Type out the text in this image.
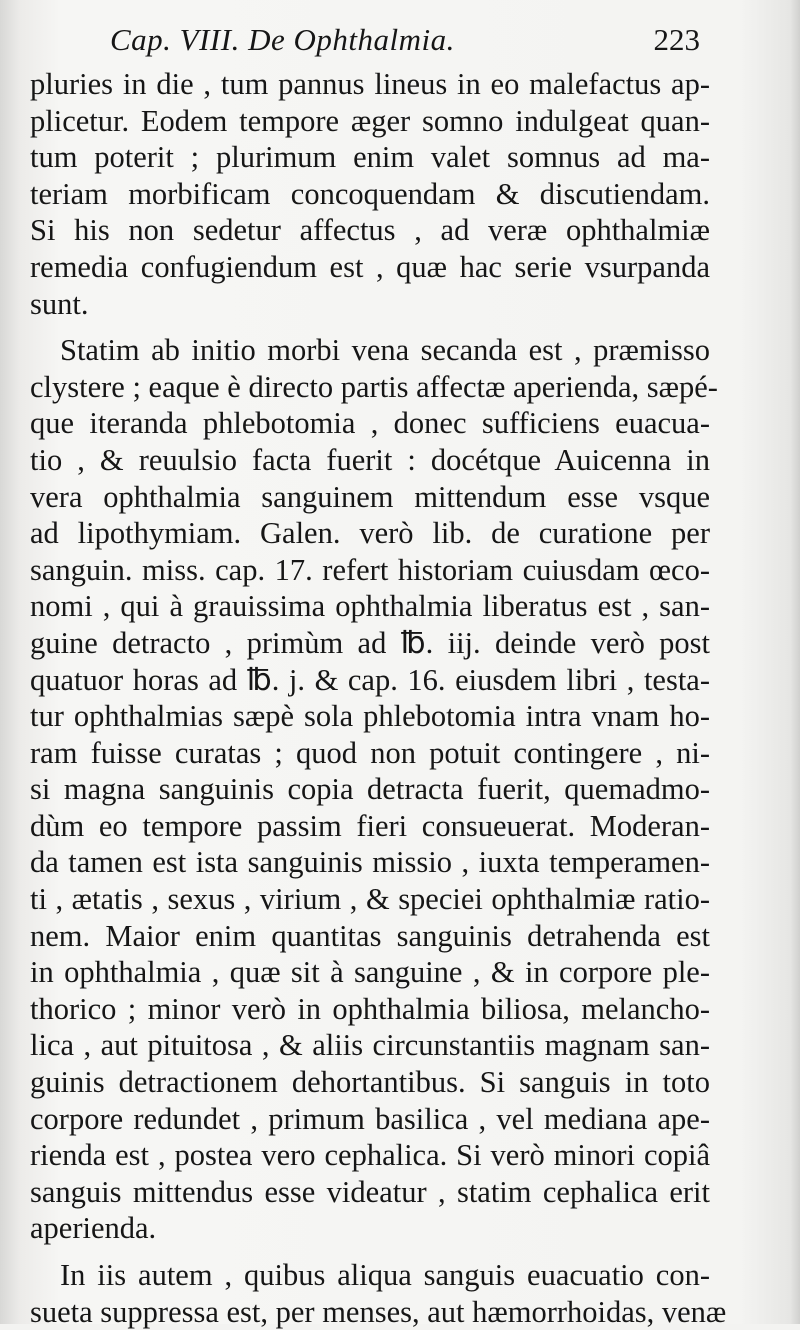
Cap. VIII. De Ophthalmia.	223
pluries in die , tum pannus lineus in eo malefactus ap-
plicetur. Eodem tempore æger somno indulgeat quan-
tum poterit ; plurimum enim valet somnus ad ma-
teriam morbificam concoquendam & discutiendam.
Si his non sedetur affectus , ad veræ ophthalmiæ
remedia confugiendum est , quæ hac serie vsurpanda
sunt.
Statim ab initio morbi vena secanda est , præmisso
clystere ; eaque è directo partis affectæ aperienda, sæpé-
que iteranda phlebotomia , donec sufficiens euacua-
tio , & reuulsio facta fuerit : docétque Auicenna in
vera ophthalmia sanguinem mittendum esse vsque
ad lipothymiam. Galen. verò lib. de curatione per
sanguin. miss. cap. 17. refert historiam cuiusdam œco-
nomi , qui à grauissima ophthalmia liberatus est , san-
guine detracto , primùm ad ℔. iij. deinde verò post
quatuor horas ad ℔. j. & cap. 16. eiusdem libri , testa-
tur ophthalmias sæpè sola phlebotomia intra vnam ho-
ram fuisse curatas ; quod non potuit contingere , ni-
si magna sanguinis copia detracta fuerit, quemadmo-
dùm eo tempore passim fieri consueuerat. Moderan-
da tamen est ista sanguinis missio , iuxta temperamen-
ti , ætatis , sexus , virium , & speciei ophthalmiæ ratio-
nem. Maior enim quantitas sanguinis detrahenda est
in ophthalmia , quæ sit à sanguine , & in corpore ple-
thorico ; minor verò in ophthalmia biliosa, melancho-
lica , aut pituitosa , & aliis circunstantiis magnam san-
guinis detractionem dehortantibus. Si sanguis in toto
corpore redundet , primum basilica , vel mediana ape-
rienda est , postea vero cephalica. Si verò minori copiâ
sanguis mittendus esse videatur , statim cephalica erit
aperienda.
In iis autem , quibus aliqua sanguis euacuatio con-
sueta suppressa est, per menses, aut hæmorrhoidas, venæ
